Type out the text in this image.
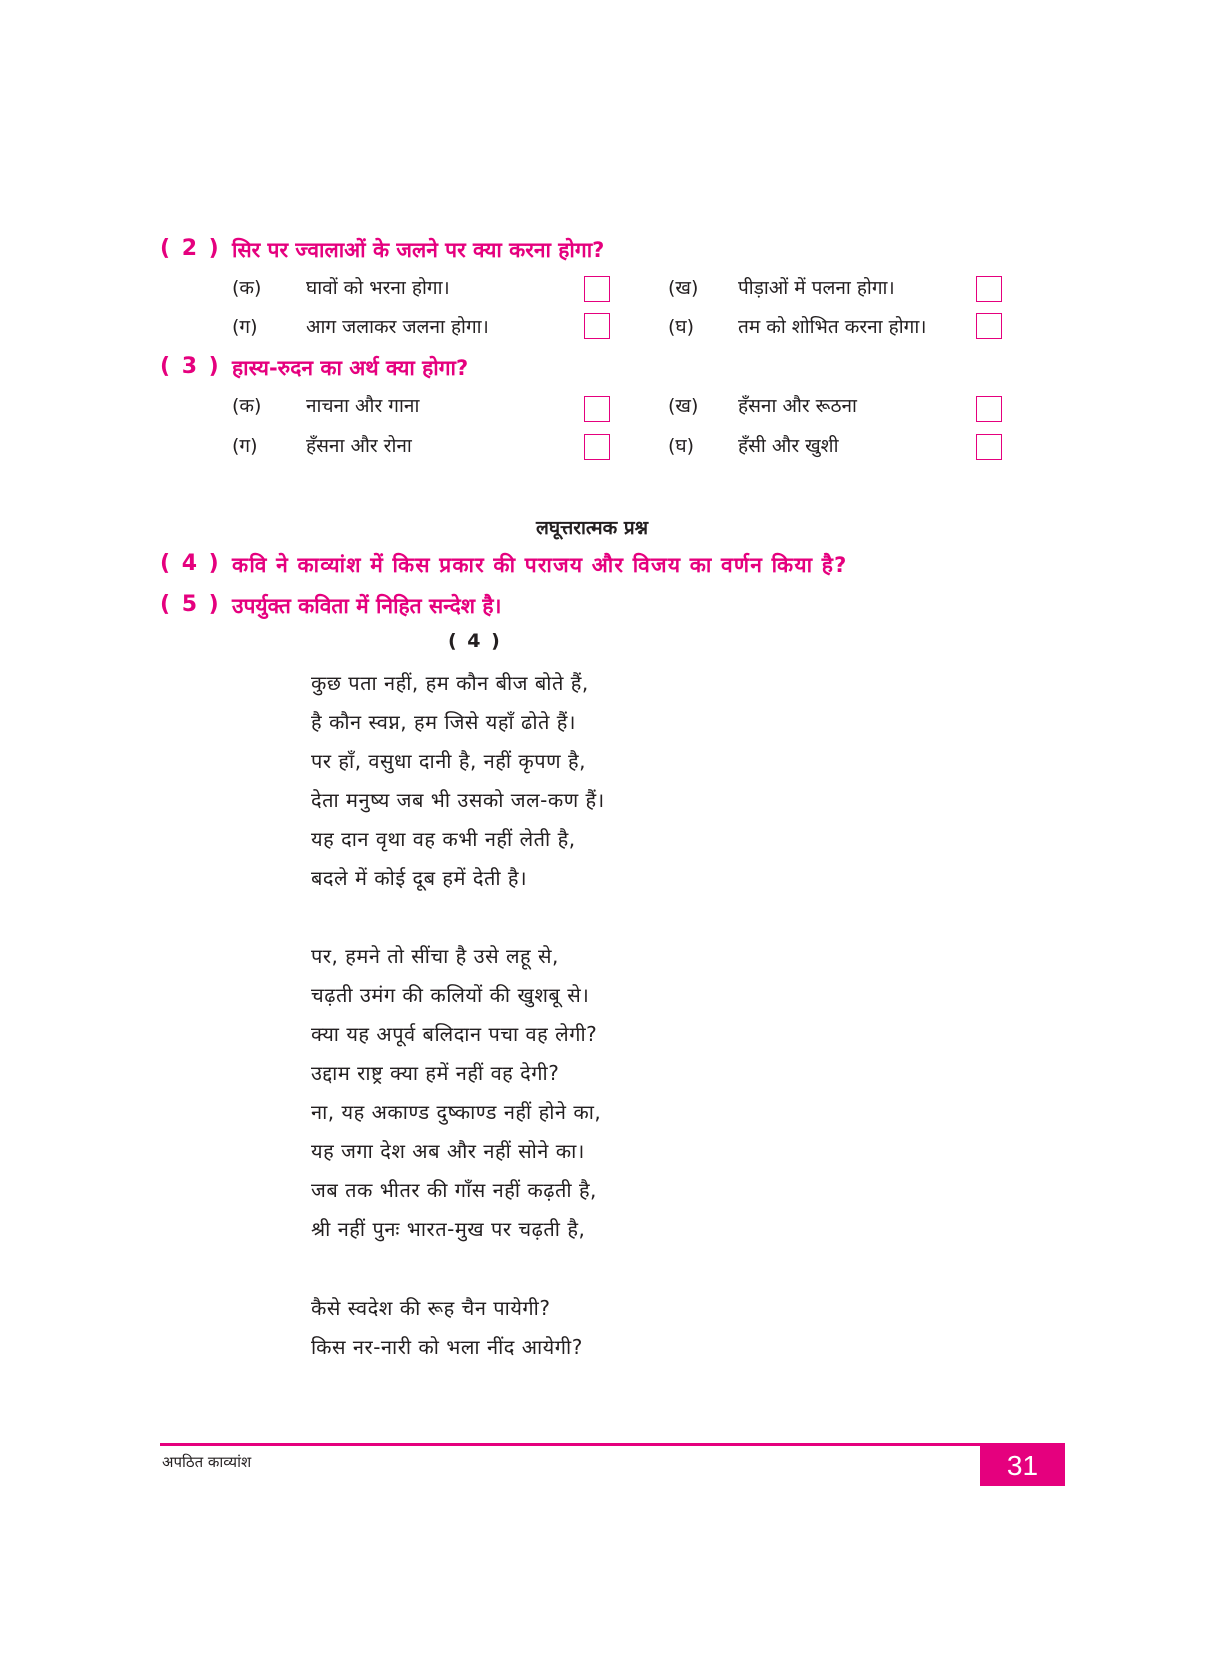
( 2 ) सिर पर ज्वालाओं के जलने पर क्या करना होगा?
(क) घावों को भरना होगा।	(ख) पीड़ाओं में पलना होगा।
(ग)	आग जलाकर जलना होगा।	(घ) तम को शोभित करना होगा।
( 3 ) हास्य-रुदन का अर्थ क्या होगा?
(क) नाचना और गाना	(ख) हँसना और रूठना
(ग)	हँसना और रोना	(घ) हँसी और खुशी
लघूत्तरात्मक प्रश्न
( 4 ) कवि ने काव्यांश में किस प्रकार की पराजय और विजय का वर्णन किया है?
( 5 ) उपर्युक्त कविता में निहित सन्देश है।
( 4 )
कुछ पता नहीं, हम कौन बीज बोते हैं,
है कौन स्वप्न, हम जिसे यहाँ ढोते हैं।
पर हाँ, वसुधा दानी है, नहीं कृपण है,
देता मनुष्य जब भी उसको जल-कण हैं।
यह दान वृथा वह कभी नहीं लेती है,
बदले में कोई दूब हमें देती है।
पर, हमने तो सींचा है उसे लहू से,
चढ़ती उमंग की कलियों की खुशबू से।
क्या यह अपूर्व बलिदान पचा वह लेगी?
उद्दाम राष्ट्र क्या हमें नहीं वह देगी?
ना, यह अकाण्ड दुष्काण्ड नहीं होने का,
यह जगा देश अब और नहीं सोने का।
जब तक भीतर की गाँस नहीं कढ़ती है,
श्री नहीं पुनः भारत-मुख पर चढ़ती है,
कैसे स्वदेश की रूह चैन पायेगी?
किस नर-नारी को भला नींद आयेगी?
अपठित काव्यांश	31
